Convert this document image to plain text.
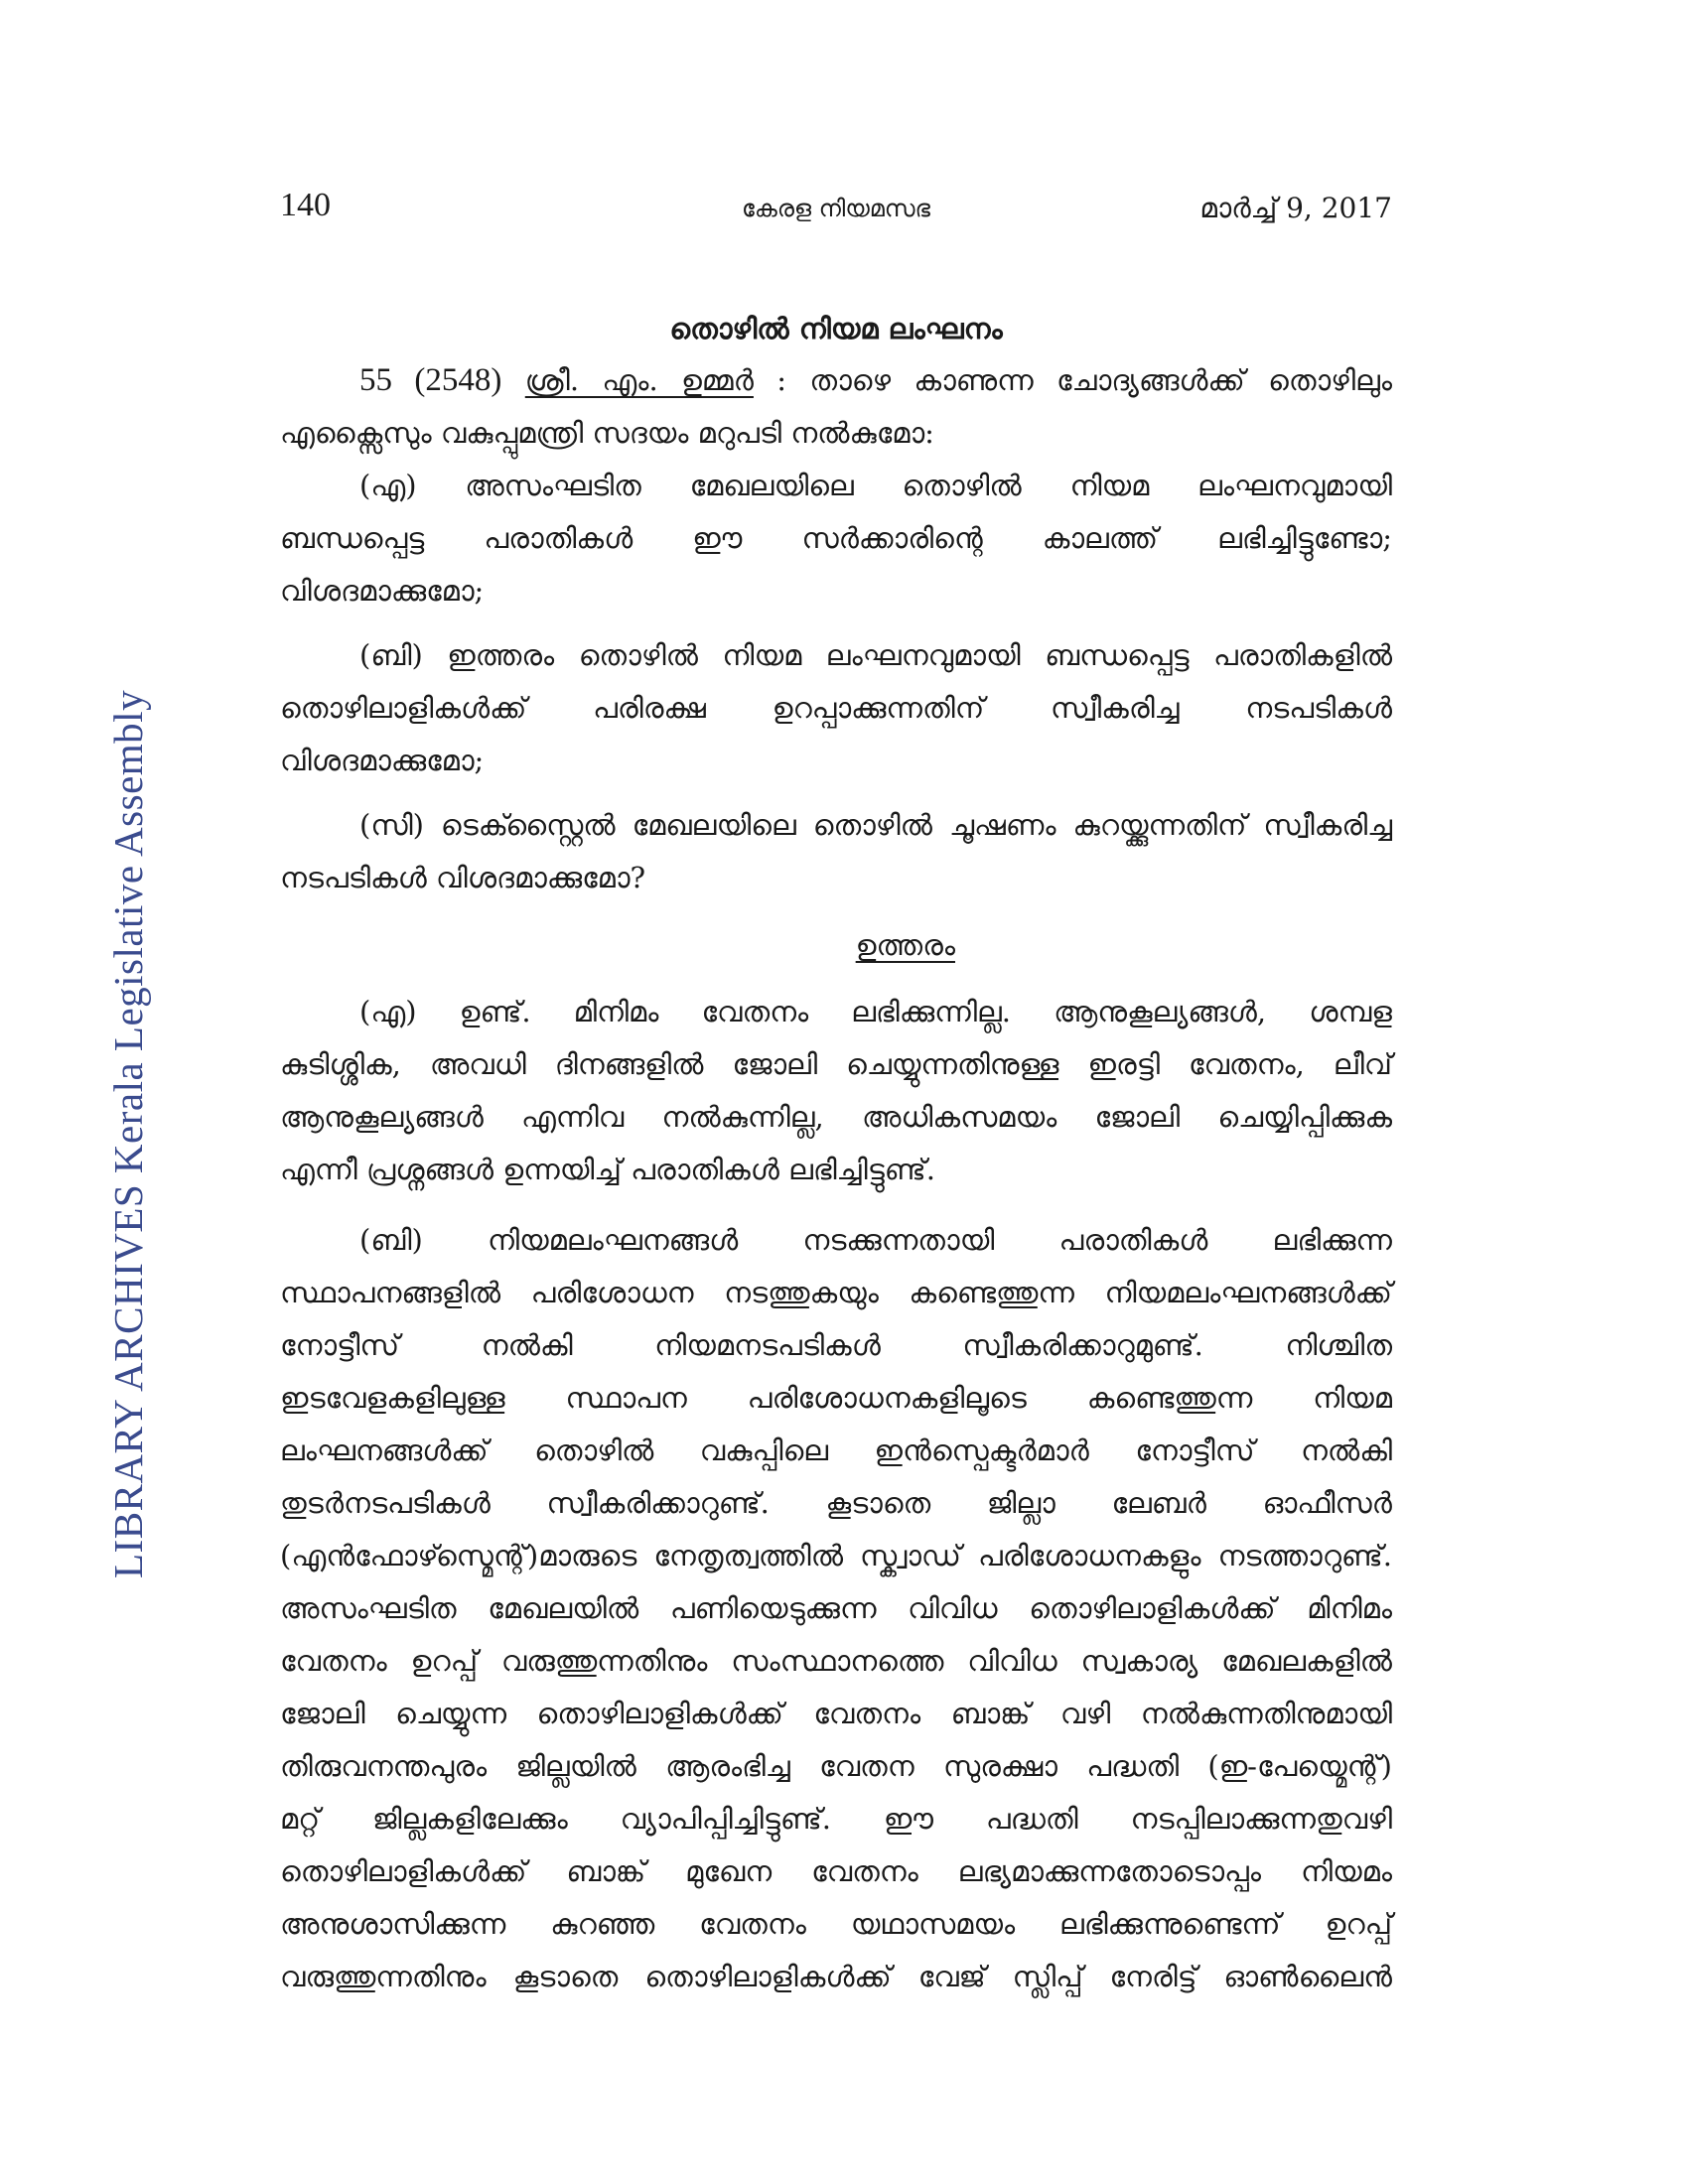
LIBRARY ARCHIVES Kerala Legislative Assembly
140	കേരള നിയമസഭ	മാർച്ച് 9, 2017

തൊഴിൽ നിയമ ലംഘനം

55 (2548) ശ്രീ. എം. ഉമ്മർ : താഴെ കാണുന്ന ചോദ്യങ്ങൾക്ക് തൊഴിലും

എക്സൈസും വകുപ്പുമന്ത്രി സദയം മറുപടി നൽകുമോ:

(എ) അസംഘടിത മേഖലയിലെ തൊഴിൽ നിയമ ലംഘനവുമായി

ബന്ധപ്പെട്ട പരാതികൾ ഈ സർക്കാരിന്റെ കാലത്ത് ലഭിച്ചിട്ടുണ്ടോ;

വിശദമാക്കുമോ;

(ബി) ഇത്തരം തൊഴിൽ നിയമ ലംഘനവുമായി ബന്ധപ്പെട്ട പരാതികളിൽ

തൊഴിലാളികൾക്ക് പരിരക്ഷ ഉറപ്പാക്കുന്നതിന് സ്വീകരിച്ച നടപടികൾ

വിശദമാക്കുമോ;

(സി) ടെക്സ്റ്റൈൽ മേഖലയിലെ തൊഴിൽ ചൂഷണം കുറയ്ക്കുന്നതിന് സ്വീകരിച്ച

നടപടികൾ വിശദമാക്കുമോ?

ഉത്തരം

(എ) ഉണ്ട്. മിനിമം വേതനം ലഭിക്കുന്നില്ല. ആനുകൂല്യങ്ങൾ, ശമ്പള

കുടിശ്ശിക, അവധി ദിനങ്ങളിൽ ജോലി ചെയ്യുന്നതിനുള്ള ഇരട്ടി വേതനം, ലീവ്

ആനുകൂല്യങ്ങൾ എന്നിവ നൽകുന്നില്ല, അധികസമയം ജോലി ചെയ്യിപ്പിക്കുക

എന്നീ പ്രശ്നങ്ങൾ ഉന്നയിച്ച് പരാതികൾ ലഭിച്ചിട്ടുണ്ട്.

(ബി) നിയമലംഘനങ്ങൾ നടക്കുന്നതായി പരാതികൾ ലഭിക്കുന്ന

സ്ഥാപനങ്ങളിൽ പരിശോധന നടത്തുകയും കണ്ടെത്തുന്ന നിയമലംഘനങ്ങൾക്ക്

നോട്ടീസ് നൽകി നിയമനടപടികൾ സ്വീകരിക്കാറുമുണ്ട്. നിശ്ചിത

ഇടവേളകളിലുള്ള സ്ഥാപന പരിശോധനകളിലൂടെ കണ്ടെത്തുന്ന നിയമ

ലംഘനങ്ങൾക്ക് തൊഴിൽ വകുപ്പിലെ ഇൻസ്പെക്ടർമാർ നോട്ടീസ് നൽകി

തുടർനടപടികൾ സ്വീകരിക്കാറുണ്ട്. കൂടാതെ ജില്ലാ ലേബർ ഓഫീസർ

(എൻഫോഴ്സ്മെന്റ്)മാരുടെ നേതൃത്വത്തിൽ സ്ക്വാഡ് പരിശോധനകളും നടത്താറുണ്ട്.

അസംഘടിത മേഖലയിൽ പണിയെടുക്കുന്ന വിവിധ തൊഴിലാളികൾക്ക് മിനിമം

വേതനം ഉറപ്പ് വരുത്തുന്നതിനും സംസ്ഥാനത്തെ വിവിധ സ്വകാര്യ മേഖലകളിൽ

ജോലി ചെയ്യുന്ന തൊഴിലാളികൾക്ക് വേതനം ബാങ്ക് വഴി നൽകുന്നതിനുമായി

തിരുവനന്തപുരം ജില്ലയിൽ ആരംഭിച്ച വേതന സുരക്ഷാ പദ്ധതി (ഇ-പേയ്മെന്റ്)

മറ്റ് ജില്ലകളിലേക്കും വ്യാപിപ്പിച്ചിട്ടുണ്ട്. ഈ പദ്ധതി നടപ്പിലാക്കുന്നതുവഴി

തൊഴിലാളികൾക്ക് ബാങ്ക് മുഖേന വേതനം ലഭ്യമാക്കുന്നതോടൊപ്പം നിയമം

അനുശാസിക്കുന്ന കുറഞ്ഞ വേതനം യഥാസമയം ലഭിക്കുന്നുണ്ടെന്ന് ഉറപ്പ്

വരുത്തുന്നതിനും കൂടാതെ തൊഴിലാളികൾക്ക് വേജ് സ്ലിപ്പ് നേരിട്ട് ഓൺലൈൻ
